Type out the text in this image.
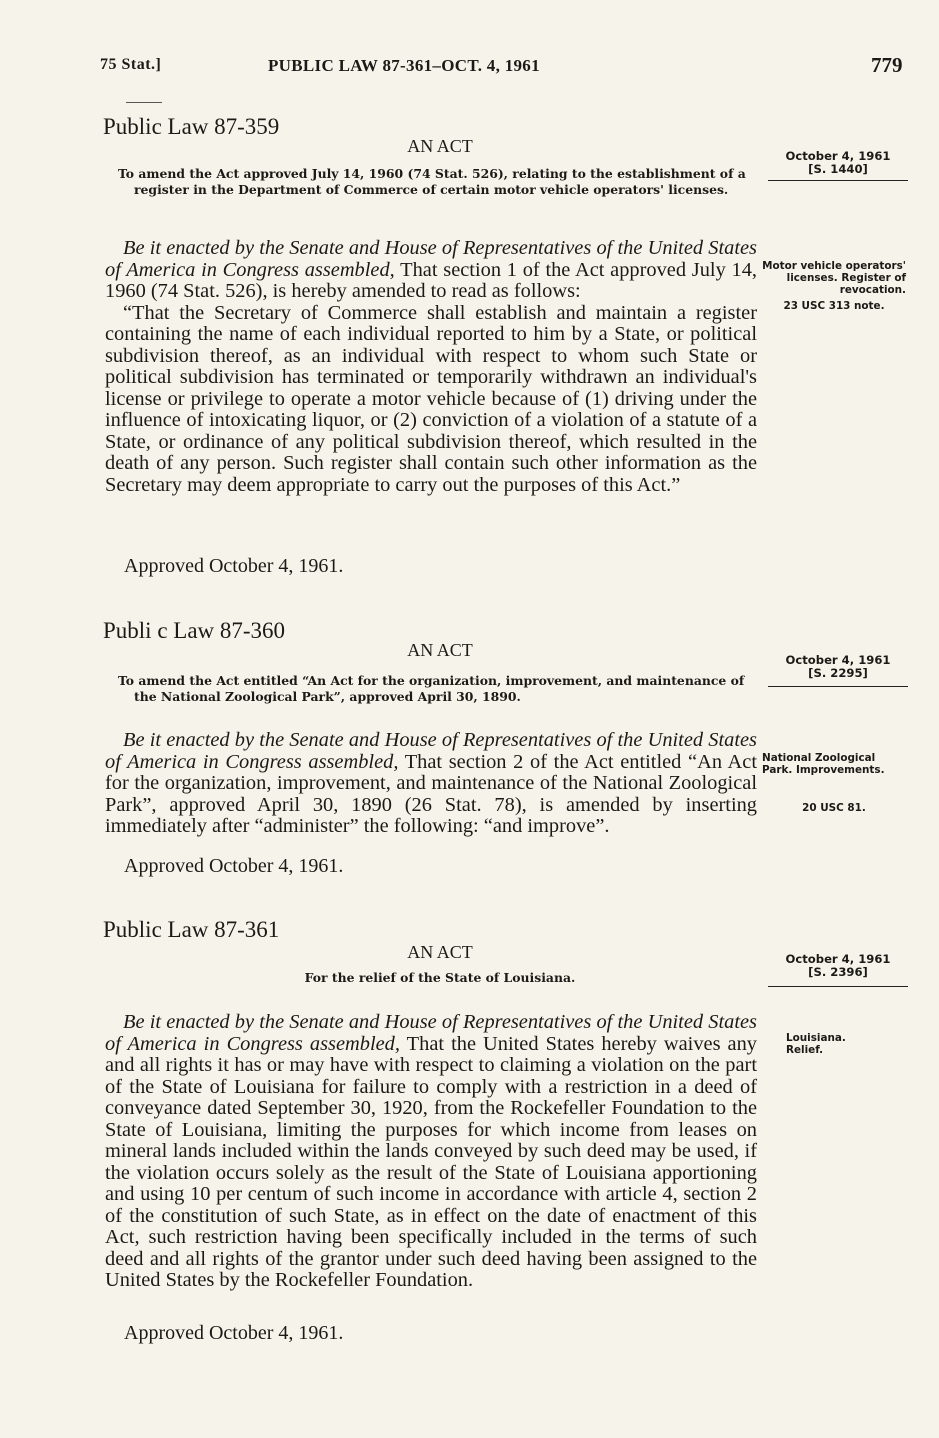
75 Stat.]	PUBLIC LAW 87-361–OCT. 4, 1961	779
Public Law 87-359
AN ACT
To amend the Act approved July 14, 1960 (74 Stat. 526), relating to the establishment of a register in the Department of Commerce of certain motor vehicle operators' licenses.
October 4, 1961
[S. 1440]

Be it enacted by the Senate and House of Representatives of the United States of America in Congress assembled, That section 1 of the Act approved July 14, 1960 (74 Stat. 526), is hereby amended to read as follows:

“That the Secretary of Commerce shall establish and maintain a register containing the name of each individual reported to him by a State, or political subdivision thereof, as an individual with respect to whom such State or political subdivision has terminated or temporarily withdrawn an individual's license or privilege to operate a motor vehicle because of (1) driving under the influence of intoxicating liquor, or (2) conviction of a violation of a statute of a State, or ordinance of any political subdivision thereof, which resulted in the death of any person. Such register shall contain such other information as the Secretary may deem appropriate to carry out the purposes of this Act.”

Motor vehicle operators' licenses. Register of revocation.
23 USC 313 note.
Approved October 4, 1961.
Publi c Law 87-360
AN ACT
To amend the Act entitled “An Act for the organization, improvement, and maintenance of the National Zoological Park”, approved April 30, 1890.
October 4, 1961
[S. 2295]

Be it enacted by the Senate and House of Representatives of the United States of America in Congress assembled, That section 2 of the Act entitled “An Act for the organization, improvement, and maintenance of the National Zoological Park”, approved April 30, 1890 (26 Stat. 78), is amended by inserting immediately after “administer” the following: “and improve”.

National Zoological Park. Improvements.
20 USC 81.
Approved October 4, 1961.
Public Law 87-361
AN ACT
For the relief of the State of Louisiana.
October 4, 1961
[S. 2396]

Be it enacted by the Senate and House of Representatives of the United States of America in Congress assembled, That the United States hereby waives any and all rights it has or may have with respect to claiming a violation on the part of the State of Louisiana for failure to comply with a restriction in a deed of conveyance dated September 30, 1920, from the Rockefeller Foundation to the State of Louisiana, limiting the purposes for which income from leases on mineral lands included within the lands conveyed by such deed may be used, if the violation occurs solely as the result of the State of Louisiana apportioning and using 10 per centum of such income in accordance with article 4, section 2 of the constitution of such State, as in effect on the date of enactment of this Act, such restriction having been specifically included in the terms of such deed and all rights of the grantor under such deed having been assigned to the United States by the Rockefeller Foundation.

Louisiana. Relief.
Approved October 4, 1961.
